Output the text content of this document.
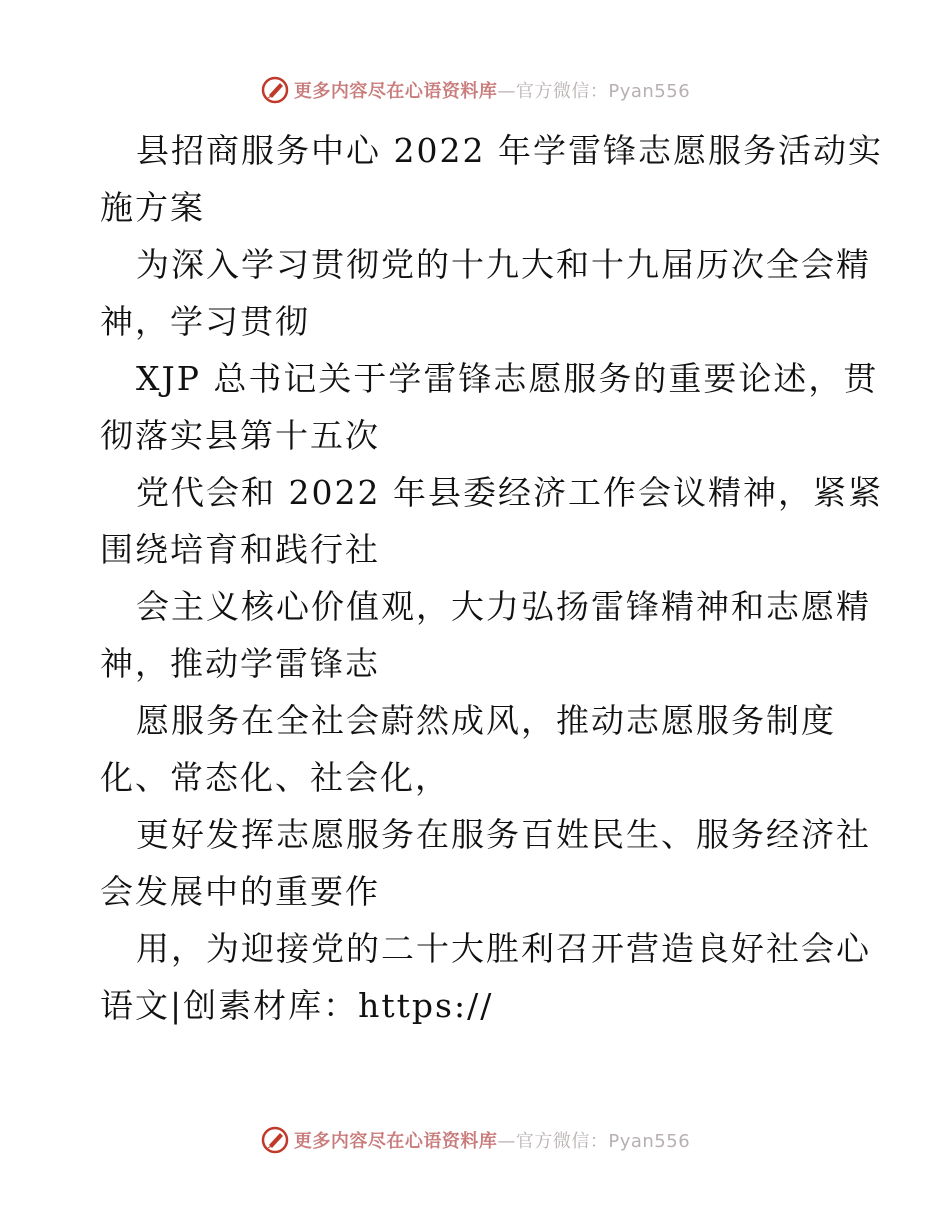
更多内容尽在心语资料库—官方微信：Pyan556
县招商服务中心 2022 年学雷锋志愿服务活动实
施方案
为深入学习贯彻党的十九大和十九届历次全会精
神，学习贯彻
XJP 总书记关于学雷锋志愿服务的重要论述，贯
彻落实县第十五次
党代会和 2022 年县委经济工作会议精神，紧紧
围绕培育和践行社
会主义核心价值观，大力弘扬雷锋精神和志愿精
神，推动学雷锋志
愿服务在全社会蔚然成风，推动志愿服务制度
化、常态化、社会化，
更好发挥志愿服务在服务百姓民生、服务经济社
会发展中的重要作
用，为迎接党的二十大胜利召开营造良好社会心
语文|创素材库：https://
更多内容尽在心语资料库—官方微信：Pyan556
